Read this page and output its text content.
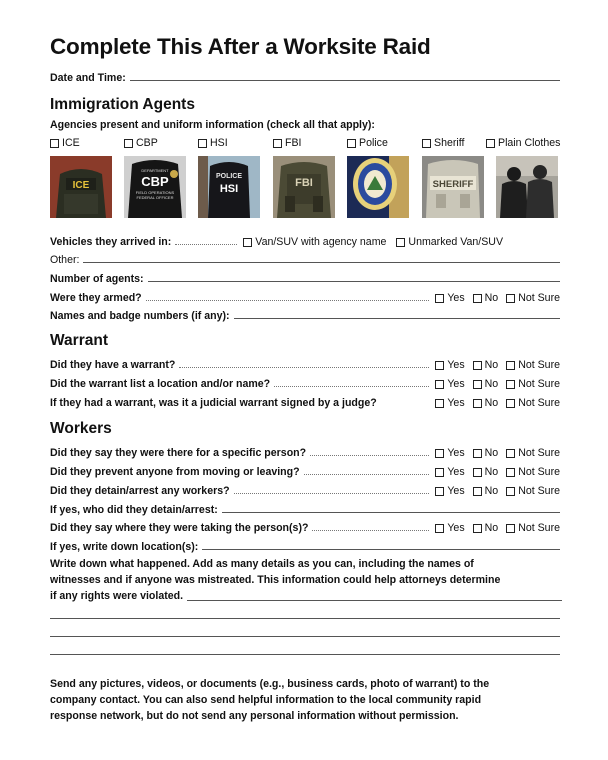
Complete This After a Worksite Raid
Date and Time:
Immigration Agents
Agencies present and uniform information (check all that apply):
ICE	CBP	HSI	FBI	Police	Sheriff	Plain Clothes
ICE
DEPARTMENT
CBP
FIELD OPERATIONS
FEDERAL OFFICER
POLICE
HSI	FBI	SHERIFF
Vehicles they arrived in:	Van/SUV with agency name Unmarked Van/SUV
Other:
Number of agents:
Were they armed?	Yes No Not Sure
Names and badge numbers (if any):
Warrant
Did they have a warrant?	Yes No Not Sure
Did the warrant list a location and/or name?	Yes No Not Sure
If they had a warrant, was it a judicial warrant signed by a judge?	Yes No Not Sure
Workers
Did they say they were there for a specific person?	Yes No Not Sure
Did they prevent anyone from moving or leaving?	Yes No Not Sure
Did they detain/arrest any workers?	Yes No Not Sure
If yes, who did they detain/arrest:
Did they say where they were taking the person(s)?	Yes No Not Sure
If yes, write down location(s):
Write down what happened. Add as many details as you can, including the names of
witnesses and if anyone was mistreated. This information could help attorneys determine
if any rights were violated.
Send any pictures, videos, or documents (e.g., business cards, photo of warrant) to the
company contact. You can also send helpful information to the local community rapid
response network, but do not send any personal information without permission.
